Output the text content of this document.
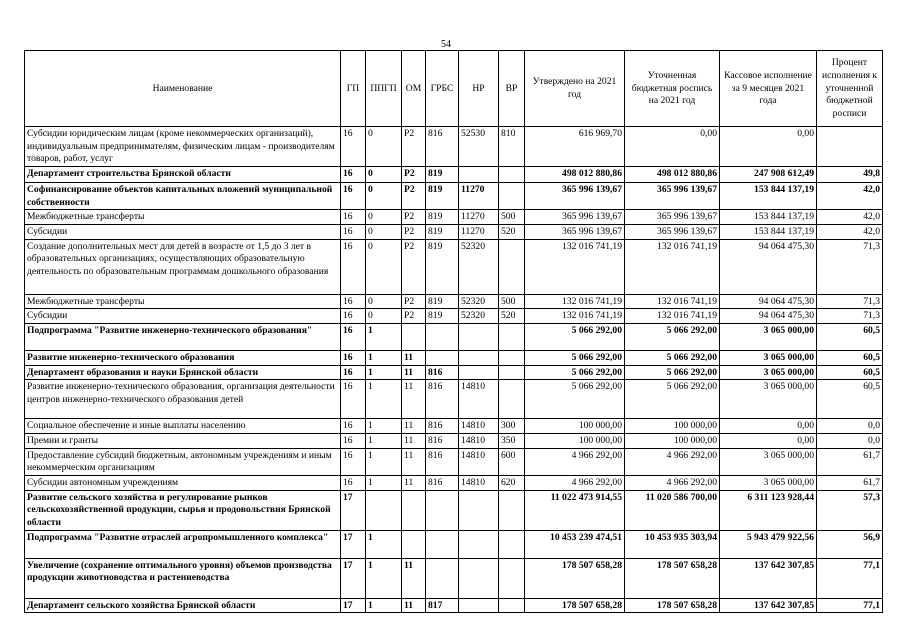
54
Наименование	ГП	ППГП	ОМ	ГРБС	НР	ВР	Утверждено на 2021 год	Уточненная бюджетная роспись на 2021 год	Кассовое исполнение за 9 месяцев 2021 года	Процент исполнения к уточненной бюджетной росписи
Субсидии юридическим лицам (кроме некоммерческих организаций), индивидуальным предпринимателям, физическим лицам - производителям товаров, работ, услуг	16	0	P2	816	52530	810	616 969,70	0,00	0,00	
Департамент строительства Брянской области	16	0	P2	819			498 012 880,86	498 012 880,86	247 908 612,49	49,8
Софинансирование объектов капитальных вложений муниципальной собственности	16	0	P2	819	11270		365 996 139,67	365 996 139,67	153 844 137,19	42,0
Межбюджетные трансферты	16	0	P2	819	11270	500	365 996 139,67	365 996 139,67	153 844 137,19	42,0
Субсидии	16	0	P2	819	11270	520	365 996 139,67	365 996 139,67	153 844 137,19	42,0
Создание дополнительных мест для детей в возрасте от 1,5 до 3 лет в образовательных организациях, осуществляющих образовательную деятельность по образовательным программам дошкольного образования	16	0	P2	819	52320		132 016 741,19	132 016 741,19	94 064 475,30	71,3
Межбюджетные трансферты	16	0	P2	819	52320	500	132 016 741,19	132 016 741,19	94 064 475,30	71,3
Субсидии	16	0	P2	819	52320	520	132 016 741,19	132 016 741,19	94 064 475,30	71,3
Подпрограмма "Развитие инженерно-технического образования"	16	1					5 066 292,00	5 066 292,00	3 065 000,00	60,5
Развитие инженерно-технического образования	16	1	11				5 066 292,00	5 066 292,00	3 065 000,00	60,5
Департамент образования и науки Брянской области	16	1	11	816			5 066 292,00	5 066 292,00	3 065 000,00	60,5
Развитие инженерно-технического образования, организация деятельности центров инженерно-технического образования детей	16	1	11	816	14810		5 066 292,00	5 066 292,00	3 065 000,00	60,5
Социальное обеспечение и иные выплаты населению	16	1	11	816	14810	300	100 000,00	100 000,00	0,00	0,0
Премии и гранты	16	1	11	816	14810	350	100 000,00	100 000,00	0,00	0,0
Предоставление субсидий бюджетным, автономным учреждениям и иным некоммерческим организациям	16	1	11	816	14810	600	4 966 292,00	4 966 292,00	3 065 000,00	61,7
Субсидии автономным учреждениям	16	1	11	816	14810	620	4 966 292,00	4 966 292,00	3 065 000,00	61,7
Развитие сельского хозяйства и регулирование рынков сельскохозяйственной продукции, сырья и продовольствия Брянской области	17						11 022 473 914,55	11 020 586 700,00	6 311 123 928,44	57,3
Подпрограмма "Развитие отраслей агропромышленного комплекса"	17	1					10 453 239 474,51	10 453 935 303,94	5 943 479 922,56	56,9
Увеличение (сохранение оптимального уровня) объемов производства продукции животноводства и растениеводства	17	1	11				178 507 658,28	178 507 658,28	137 642 307,85	77,1
Департамент сельского хозяйства Брянской области	17	1	11	817			178 507 658,28	178 507 658,28	137 642 307,85	77,1
